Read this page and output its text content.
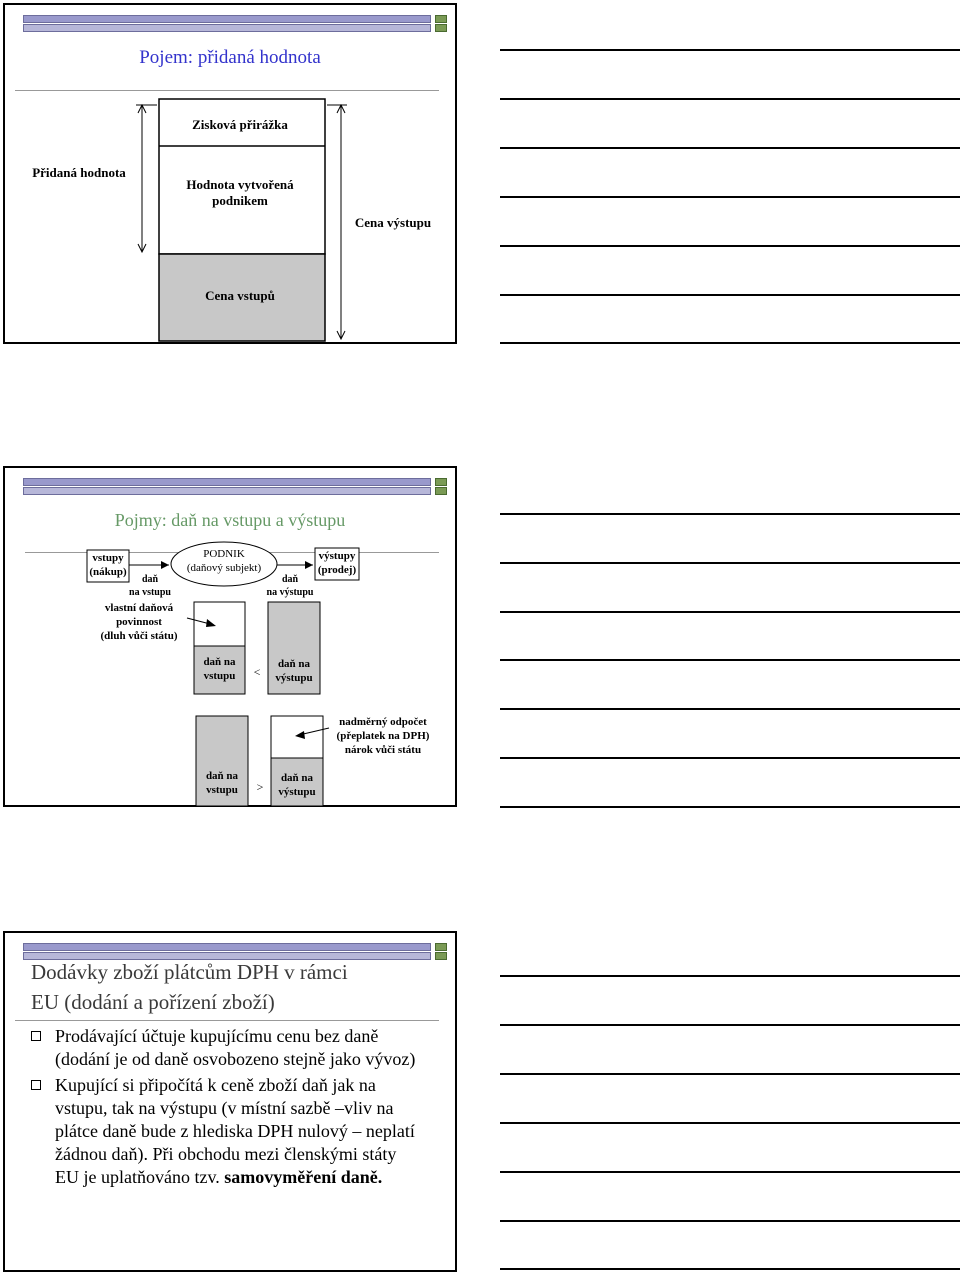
Pojem: přidaná hodnota
Přidaná hodnota
Zisková přirážka
Hodnota vytvořená
podnikem
Cena vstupů
Cena výstupu
Pojmy: daň na vstupu a výstupu
vstupy
(nákup)
PODNIK
(daňový subjekt)
výstupy
(prodej)
daň
na vstupu
daň
na výstupu
vlastní daňová
povinnost
(dluh vůči státu)
daň na
vstupu	<
daň na
výstupu
nadměrný odpočet
(přeplatek na DPH)
nárok vůči státu
daň na
vstupu	>
daň na
výstupu
Dodávky zboží plátcům DPH v rámci
EU (dodání a pořízení zboží)
Prodávající účtuje kupujícímu cenu bez daně (dodání je od daně osvobozeno stejně jako vývoz)
Kupující si připočítá k ceně zboží daň jak na vstupu, tak na výstupu (v místní sazbě –vliv na plátce daně bude z hlediska DPH nulový – neplatí žádnou daň). Při obchodu mezi členskými státy EU je uplatňováno tzv. samovyměření daně.
